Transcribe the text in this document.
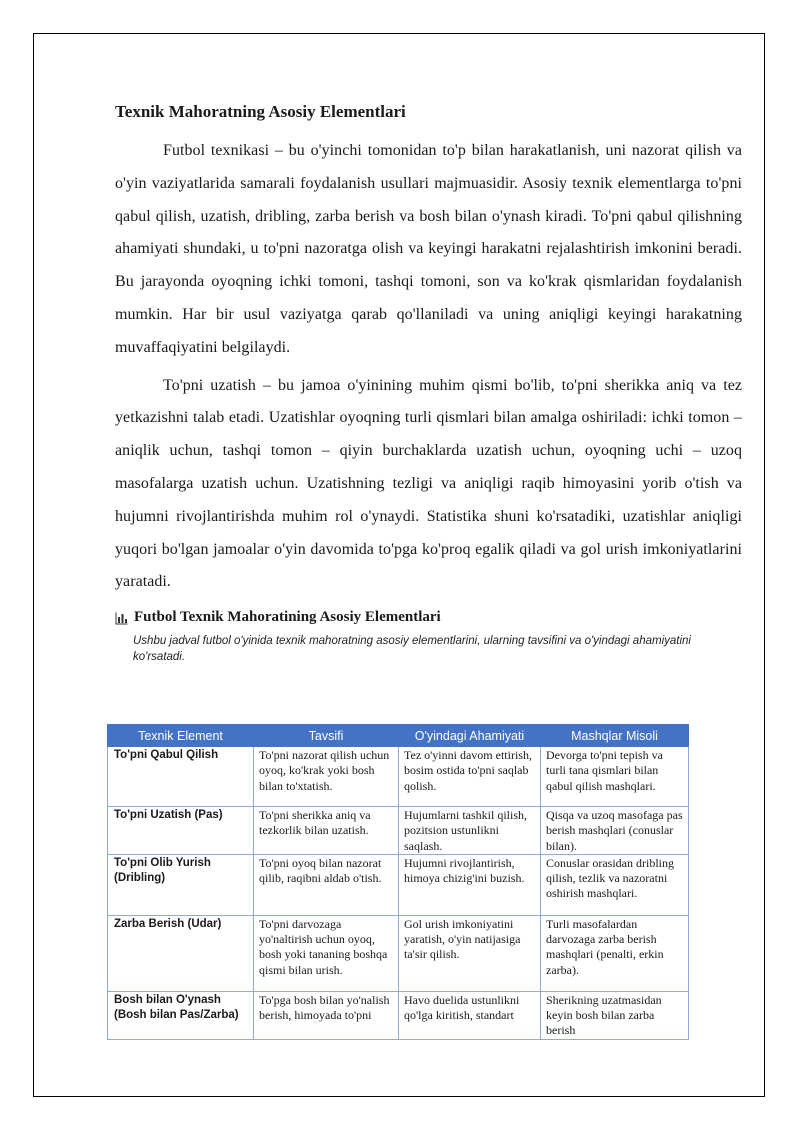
Texnik Mahoratning Asosiy Elementlari

Futbol texnikasi – bu o'yinchi tomonidan to'p bilan harakatlanish, uni nazorat qilish va o'yin vaziyatlarida samarali foydalanish usullari majmuasidir. Asosiy texnik elementlarga to'pni qabul qilish, uzatish, dribling, zarba berish va bosh bilan o'ynash kiradi. To'pni qabul qilishning ahamiyati shundaki, u to'pni nazoratga olish va keyingi harakatni rejalashtirish imkonini beradi. Bu jarayonda oyoqning ichki tomoni, tashqi tomoni, son va ko'krak qismlaridan foydalanish mumkin. Har bir usul vaziyatga qarab qo'llaniladi va uning aniqligi keyingi harakatning muvaffaqiyatini belgilaydi.

To'pni uzatish – bu jamoa o'yinining muhim qismi bo'lib, to'pni sherikka aniq va tez yetkazishni talab etadi. Uzatishlar oyoqning turli qismlari bilan amalga oshiriladi: ichki tomon – aniqlik uchun, tashqi tomon – qiyin burchaklarda uzatish uchun, oyoqning uchi – uzoq masofalarga uzatish uchun. Uzatishning tezligi va aniqligi raqib himoyasini yorib o'tish va hujumni rivojlantirishda muhim rol o'ynaydi. Statistika shuni ko'rsatadiki, uzatishlar aniqligi yuqori bo'lgan jamoalar o'yin davomida to'pga ko'proq egalik qiladi va gol urish imkoniyatlarini yaratadi.

Futbol Texnik Mahoratining Asosiy Elementlari
Ushbu jadval futbol o'yinida texnik mahoratning asosiy elementlarini, ularning tavsifini va o'yindagi ahamiyatini ko'rsatadi.
Texnik Element	Tavsifi	O'yindagi Ahamiyati	Mashqlar Misoli

To'pni Qabul Qilish	To'pni nazorat qilish uchun oyoq, ko'krak yoki bosh bilan to'xtatish.	Tez o'yinni davom ettirish, bosim ostida to'pni saqlab qolish.	Devorga to'pni tepish va turli tana qismlari bilan qabul qilish mashqlari.

To'pni Uzatish (Pas)	To'pni sherikka aniq va tezkorlik bilan uzatish.	Hujumlarni tashkil qilish, pozitsion ustunlikni saqlash.	Qisqa va uzoq masofaga pas berish mashqlari (conuslar bilan).

To'pni Olib Yurish (Dribling)	To'pni oyoq bilan nazorat qilib, raqibni aldab o'tish.	Hujumni rivojlantirish, himoya chizig'ini buzish.	Conuslar orasidan dribling qilish, tezlik va nazoratni oshirish mashqlari.

Zarba Berish (Udar)	To'pni darvozaga yo'naltirish uchun oyoq, bosh yoki tananing boshqa qismi bilan urish.	Gol urish imkoniyatini yaratish, o'yin natijasiga ta'sir qilish.	Turli masofalardan darvozaga zarba berish mashqlari (penalti, erkin zarba).

Bosh bilan O'ynash (Bosh bilan Pas/Zarba)	To'pga bosh bilan yo'nalish berish, himoyada to'pni	Havo duelida ustunlikni qo'lga kiritish, standart	Sherikning uzatmasidan keyin bosh bilan zarba berish
